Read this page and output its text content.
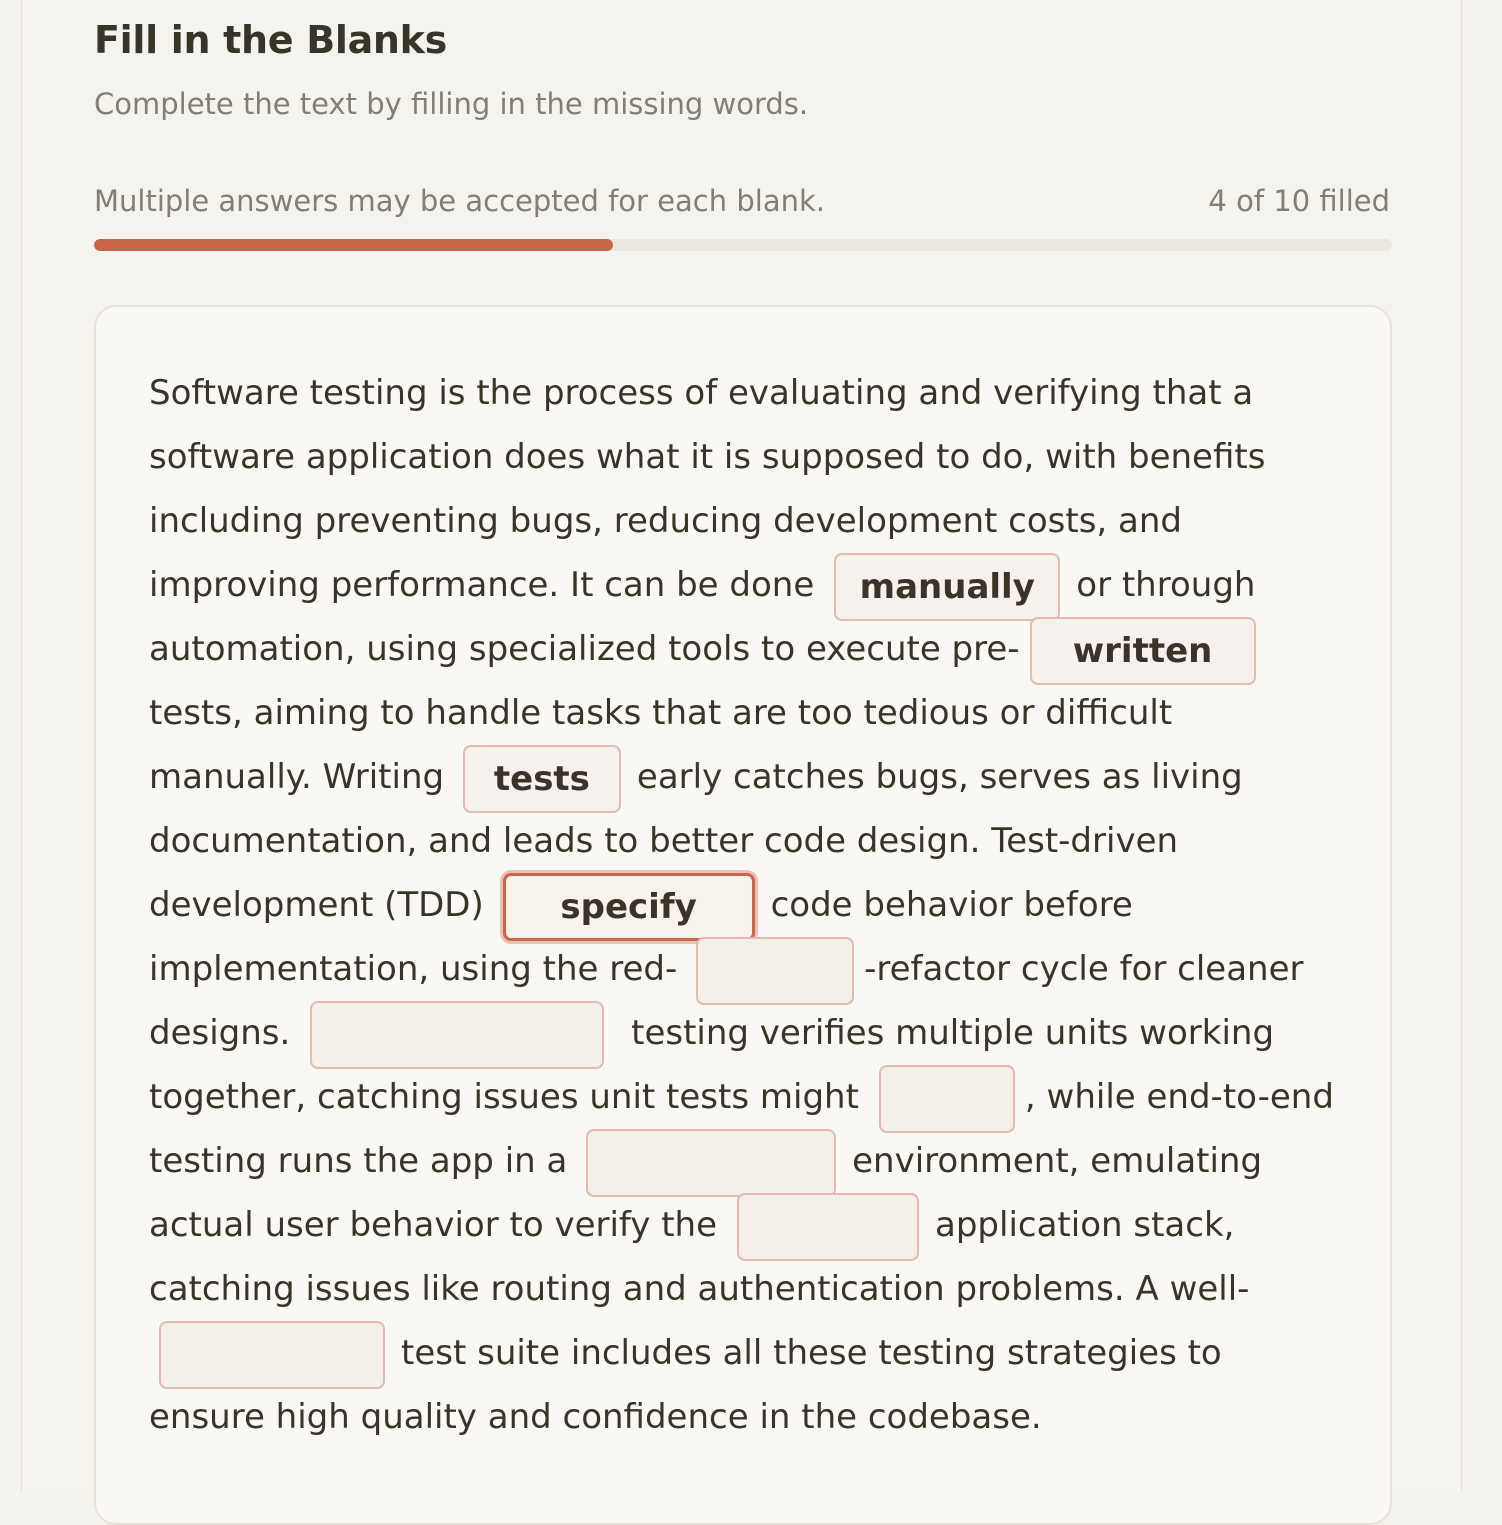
Fill in the Blanks

Complete the text by filling in the missing words.

Multiple answers may be accepted for each blank.	4 of 10 filled
Software testing is the process of evaluating and verifying that a software application does what it is supposed to do, with benefits including preventing bugs, reducing development costs, and improving performance. It can be donemanually	or through automation, using specialized tools to execute pre-writtentests, aiming to handle tasks that are too tedious or difficult manually. Writing tests	early catches bugs, serves as living documentation, and leads to better code design. Test-driven development (TDD) specify	code behavior before implementation, using the red-	-refactor cycle for cleaner designs.	testing verifies multiple units working together, catching issues unit tests might	, while end-to-end testing runs the app in a	environment, emulating actual user behavior to verify the	application stack, catching issues like routing and authentication problems. A well-test suite includes all these testing strategies to ensure high quality and confidence in the codebase.
